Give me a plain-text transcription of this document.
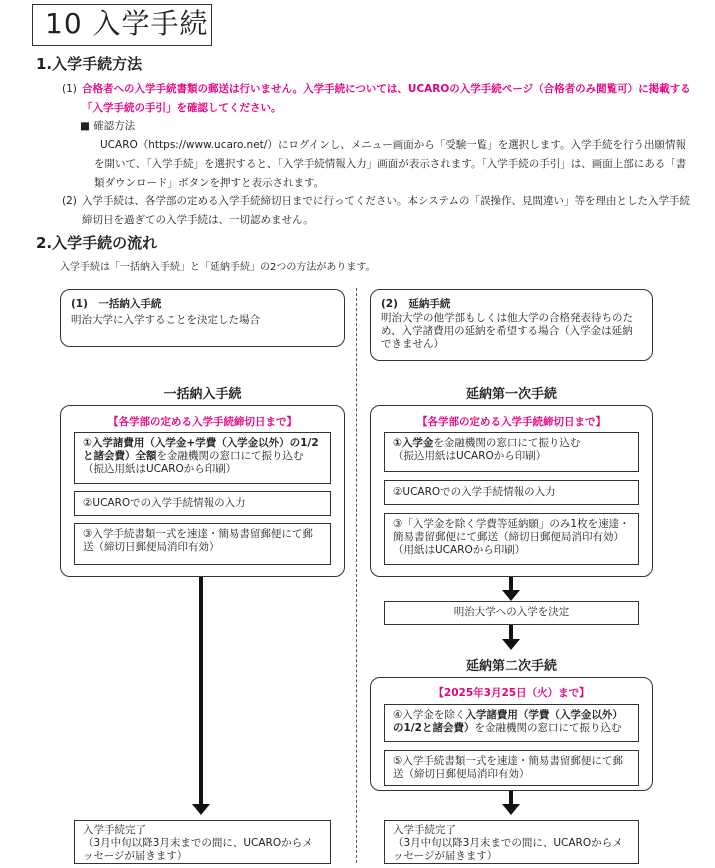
10 入学手続
1.入学手続方法
(1) 合格者への入学手続書類の郵送は行いません。入学手続については、UCAROの入学手続ページ（合格者のみ閲覧可）に掲載する「入学手続の手引」を確認してください。
■ 確認方法
UCARO（https://www.ucaro.net/）にログインし、メニュー画面から「受験一覧」を選択します。入学手続を行う出願情報を開いて、「入学手続」を選択すると、「入学手続情報入力」画面が表示されます。「入学手続の手引」は、画面上部にある「書類ダウンロード」ボタンを押すと表示されます。
(2) 入学手続は、各学部の定める入学手続締切日までに行ってください。本システムの「誤操作、見間違い」等を理由とした入学手続締切日を過ぎての入学手続は、一切認めません。
2.入学手続の流れ
入学手続は「一括納入手続」と「延納手続」の2つの方法があります。
(1)　一括納入手続
明治大学に入学することを決定した場合
一括納入手続
【各学部の定める入学手続締切日まで】
①入学諸費用（入学金+学費（入学金以外）の1/2と諸会費）全額を金融機関の窓口にて振り込む
（振込用紙はUCAROから印刷）
②UCAROでの入学手続情報の入力
③入学手続書類一式を速達・簡易書留郵便にて郵送（締切日郵便局消印有効）
入学手続完了
（3月中旬以降3月末までの間に、UCAROからメッセージが届きます）
(2)　延納手続
明治大学の他学部もしくは他大学の合格発表待ちのため、入学諸費用の延納を希望する場合（入学金は延納できません）
延納第一次手続
【各学部の定める入学手続締切日まで】
①入学金を金融機関の窓口にて振り込む
（振込用紙はUCAROから印刷）
②UCAROでの入学手続情報の入力
③「入学金を除く学費等延納願」のみ1枚を速達・簡易書留郵便にて郵送（締切日郵便局消印有効）（用紙はUCAROから印刷）
明治大学への入学を決定
延納第二次手続
【2025年3月25日（火）まで】
④入学金を除く入学諸費用（学費（入学金以外）の1/2と諸会費）を金融機関の窓口にて振り込む
⑤入学手続書類一式を速達・簡易書留郵便にて郵送（締切日郵便局消印有効）
入学手続完了
（3月中旬以降3月末までの間に、UCAROからメッセージが届きます）
